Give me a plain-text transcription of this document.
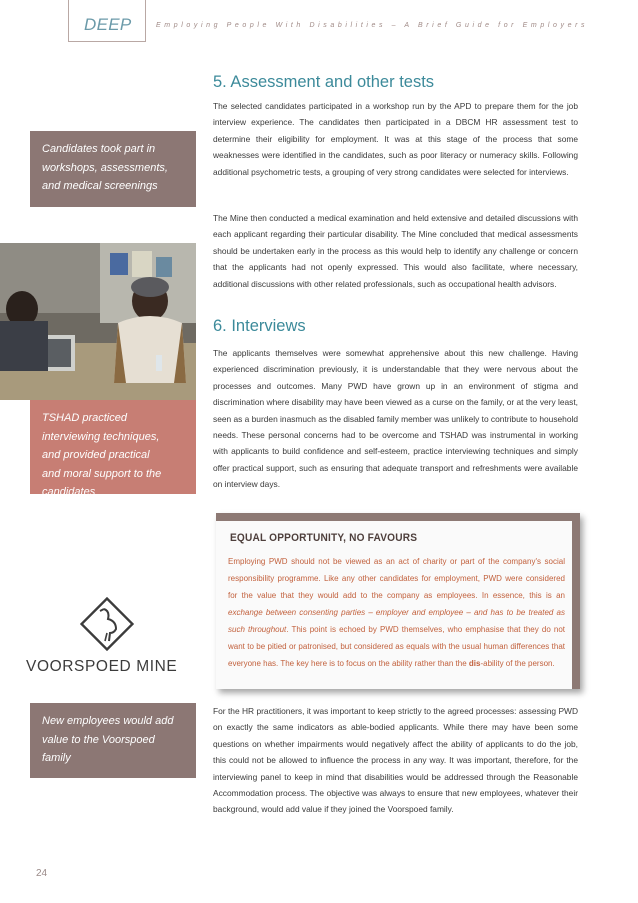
DEEP	Employing People With Disabilities – A Brief Guide for Employers
Candidates took part in
workshops, assessments,
and medical screenings
TSHAD practiced
interviewing techniques,
and provided practical
and moral support to the
candidates
VOORSPOED MINE
New employees would add
value to the Voorspoed
family
5. Assessment and other tests
The selected candidates participated in a workshop run by the APD to prepare them for the job interview experience. The candidates then participated in a DBCM HR assessment test to determine their eligibility for employment. It was at this stage of the process that some weaknesses were identified in the candidates, such as poor literacy or numeracy skills. Following additional psychometric tests, a grouping of very strong candidates were selected for interviews.
The Mine then conducted a medical examination and held extensive and detailed discussions with each applicant regarding their particular disability. The Mine concluded that medical assessments should be undertaken early in the process as this would help to identify any challenge or concern that the applicants had not openly expressed. This would also facilitate, where necessary, additional discussions with other related professionals, such as occupational health advisors.
6. Interviews
The applicants themselves were somewhat apprehensive about this new challenge. Having experienced discrimination previously, it is understandable that they were nervous about the processes and outcomes. Many PWD have grown up in an environment of stigma and discrimination where disability may have been viewed as a curse on the family, or at the very least, seen as a burden inasmuch as the disabled family member was unlikely to contribute to household needs. These personal concerns had to be overcome and TSHAD was instrumental in working with applicants to build confidence and self-esteem, practice interviewing techniques and simply offer practical support, such as ensuring that adequate transport and refreshments were available on interview days.
EQUAL OPPORTUNITY, NO FAVOURS
Employing PWD should not be viewed as an act of charity or part of the company's social responsibility programme. Like any other candidates for employment, PWD were considered for the value that they would add to the company as employees. In essence, this is an exchange between consenting parties – employer and employee – and has to be treated as such throughout. This point is echoed by PWD themselves, who emphasise that they do not want to be pitied or patronised, but considered as equals with the usual human differences that everyone has. The key here is to focus on the ability rather than the dis-ability of the person.
For the HR practitioners, it was important to keep strictly to the agreed processes: assessing PWD on exactly the same indicators as able-bodied applicants. While there may have been some questions on whether impairments would negatively affect the ability of applicants to do the job, this could not be allowed to influence the process in any way. It was important, therefore, for the interviewing panel to keep in mind that disabilities would be addressed through the Reasonable Accommodation process. The objective was always to ensure that new employees, whatever their background, would add value if they joined the Voorspoed family.
24
